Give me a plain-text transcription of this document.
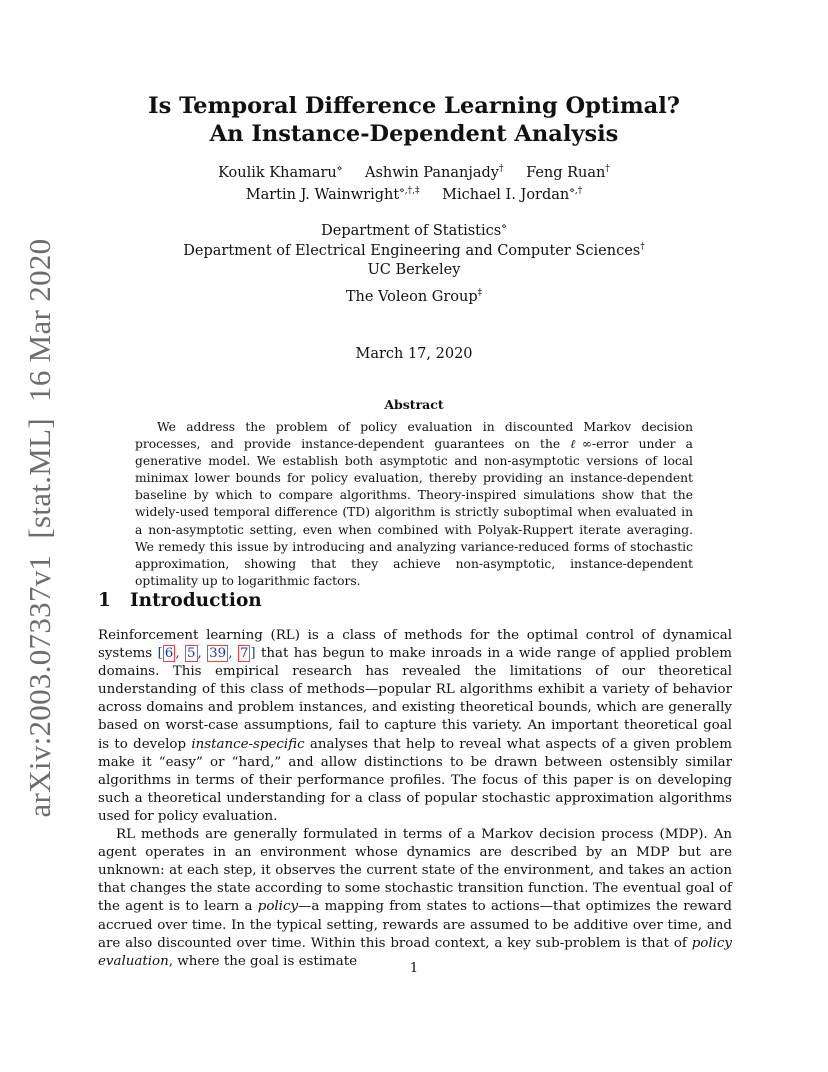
arXiv:2003.07337v1[stat.ML]16 Mar 2020
Is Temporal Difference Learning Optimal?
An Instance-Dependent Analysis
Koulik Khamaru⋄ Ashwin Pananjady† Feng Ruan†
Martin J. Wainwright⋄,†,‡ Michael I. Jordan⋄,†
Department of Statistics⋄
Department of Electrical Engineering and Computer Sciences†
UC Berkeley
The Voleon Group‡
March 17, 2020
Abstract
We address the problem of policy evaluation in discounted Markov decision processes, and provide instance-dependent guarantees on the ℓ∞-error under a generative model. We establish both asymptotic and non-asymptotic versions of local minimax lower bounds for policy evaluation, thereby providing an instance-dependent baseline by which to compare algorithms. Theory-inspired simulations show that the widely-used temporal difference (TD) algorithm is strictly suboptimal when evaluated in a non-asymptotic setting, even when combined with Polyak-Ruppert iterate averaging. We remedy this issue by introducing and analyzing variance-reduced forms of stochastic approximation, showing that they achieve non-asymptotic, instance-dependent optimality up to logarithmic factors.
1 Introduction

Reinforcement learning (RL) is a class of methods for the optimal control of dynamical systems [ 6 , 5 , 39 , 7 ] that has begun to make inroads in a wide range of applied problem domains. This empirical research has revealed the limitations of our theoretical understanding of this class of methods—popular RL algorithms exhibit a variety of behavior across domains and problem instances, and existing theoretical bounds, which are generally based on worst-case assumptions, fail to capture this variety. An important theoretical goal is to develop instance-specific analyses that help to reveal what aspects of a given problem make it “easy” or “hard,” and allow distinctions to be drawn between ostensibly similar algorithms in terms of their performance profiles. The focus of this paper is on developing such a theoretical understanding for a class of popular stochastic approximation algorithms used for policy evaluation.

RL methods are generally formulated in terms of a Markov decision process (MDP). An agent operates in an environment whose dynamics are described by an MDP but are unknown: at each step, it observes the current state of the environment, and takes an action that changes the state according to some stochastic transition function. The eventual goal of the agent is to learn a policy—a mapping from states to actions—that optimizes the reward accrued over time. In the typical setting, rewards are assumed to be additive over time, and are also discounted over time. Within this broad context, a key sub-problem is that of policy evaluation, where the goal is estimate	1
